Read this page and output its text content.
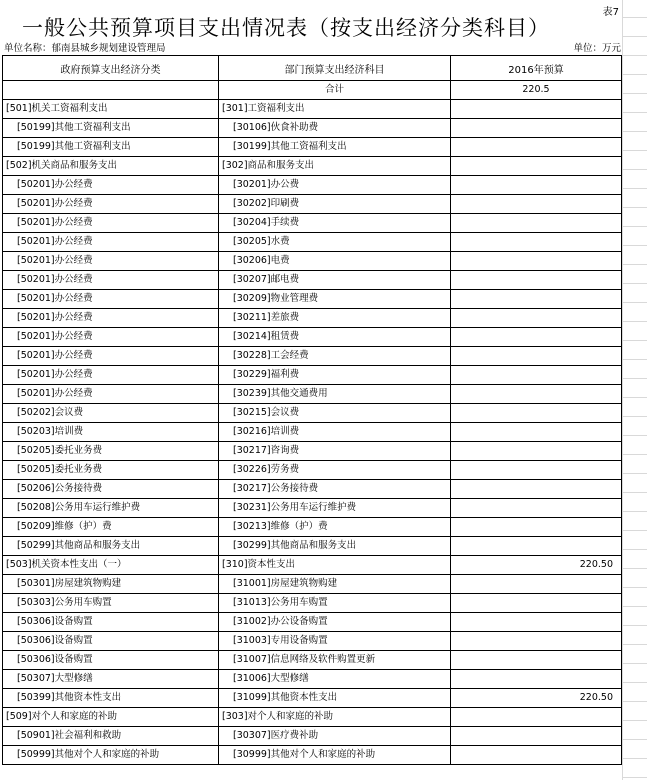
表7
一般公共预算项目支出情况表（按支出经济分类科目）
单位名称：郁南县城乡规划建设管理局	单位：万元
政府预算支出经济分类	部门预算支出经济科目	2016年预算
	合计	220.5
[501]机关工资福利支出	[301]工资福利支出	
[50199]其他工资福利支出	[30106]伙食补助费	
[50199]其他工资福利支出	[30199]其他工资福利支出	
[502]机关商品和服务支出	[302]商品和服务支出	
[50201]办公经费	[30201]办公费	
[50201]办公经费	[30202]印刷费	
[50201]办公经费	[30204]手续费	
[50201]办公经费	[30205]水费	
[50201]办公经费	[30206]电费	
[50201]办公经费	[30207]邮电费	
[50201]办公经费	[30209]物业管理费	
[50201]办公经费	[30211]差旅费	
[50201]办公经费	[30214]租赁费	
[50201]办公经费	[30228]工会经费	
[50201]办公经费	[30229]福利费	
[50201]办公经费	[30239]其他交通费用	
[50202]会议费	[30215]会议费	
[50203]培训费	[30216]培训费	
[50205]委托业务费	[30217]咨询费	
[50205]委托业务费	[30226]劳务费	
[50206]公务接待费	[30217]公务接待费	
[50208]公务用车运行维护费	[30231]公务用车运行维护费	
[50209]维修（护）费	[30213]维修（护）费	
[50299]其他商品和服务支出	[30299]其他商品和服务支出	
[503]机关资本性支出（一）	[310]资本性支出	220.50
[50301]房屋建筑物购建	[31001]房屋建筑物购建	
[50303]公务用车购置	[31013]公务用车购置	
[50306]设备购置	[31002]办公设备购置	
[50306]设备购置	[31003]专用设备购置	
[50306]设备购置	[31007]信息网络及软件购置更新	
[50307]大型修缮	[31006]大型修缮	
[50399]其他资本性支出	[31099]其他资本性支出	220.50
[509]对个人和家庭的补助	[303]对个人和家庭的补助	
[50901]社会福利和救助	[30307]医疗费补助	
[50999]其他对个人和家庭的补助	[30999]其他对个人和家庭的补助	
